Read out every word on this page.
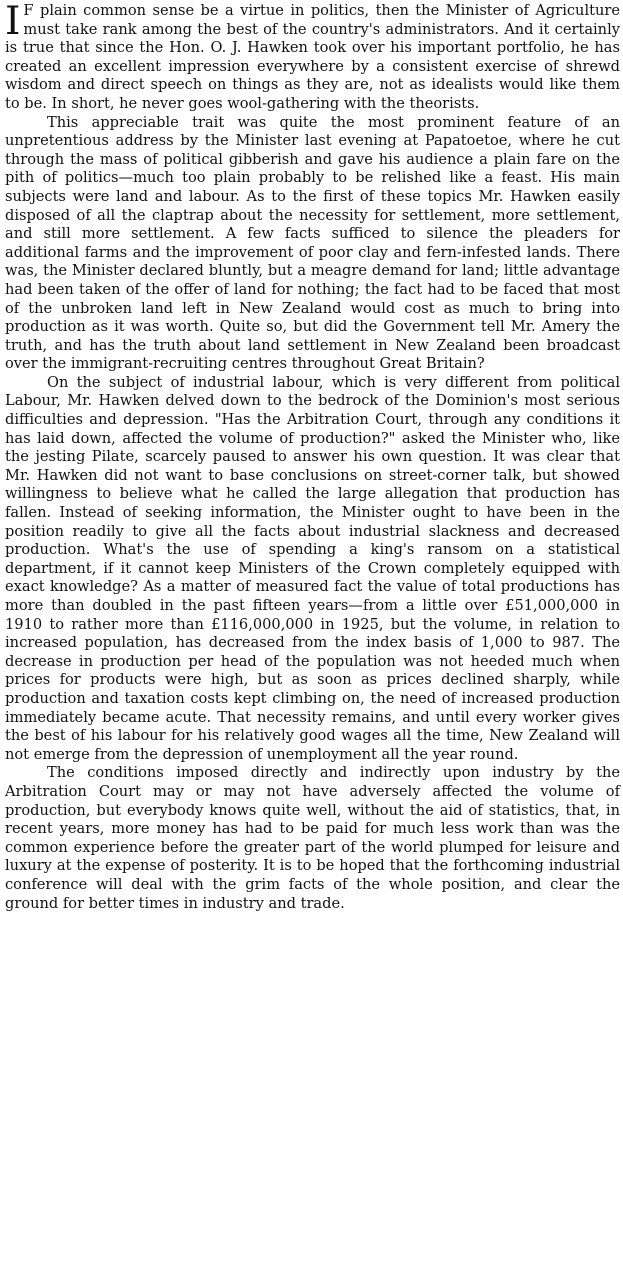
I F plain common sense be a virtue in politics, then the Minister of Agriculture must take rank among the best of the country's administrators. And it certainly is true that since the Hon. O. J. Hawken took over his important portfolio, he has created an excellent impression everywhere by a consistent exercise of shrewd wisdom and direct speech on things as they are, not as idealists would like them to be. In short, he never goes wool-gathering with the theorists.

This appreciable trait was quite the most prominent feature of an unpretentious address by the Minister last evening at Papatoetoe, where he cut through the mass of political gibberish and gave his audience a plain fare on the pith of politics—much too plain probably to be relished like a feast. His main subjects were land and labour. As to the first of these topics Mr. Hawken easily disposed of all the claptrap about the necessity for settlement, more settlement, and still more settlement. A few facts sufficed to silence the pleaders for additional farms and the improvement of poor clay and fern-infested lands. There was, the Minister declared bluntly, but a meagre demand for land; little advantage had been taken of the offer of land for nothing; the fact had to be faced that most of the unbroken land left in New Zealand would cost as much to bring into production as it was worth. Quite so, but did the Government tell Mr. Amery the truth, and has the truth about land settlement in New Zealand been broadcast over the immigrant-recruiting centres throughout Great Britain?

On the subject of industrial labour, which is very different from political Labour, Mr. Hawken delved down to the bedrock of the Dominion's most serious difficulties and depression. "Has the Arbitration Court, through any conditions it has laid down, affected the volume of production?" asked the Minister who, like the jesting Pilate, scarcely paused to answer his own question. It was clear that Mr. Hawken did not want to base conclusions on street-corner talk, but showed willingness to believe what he called the large allegation that production has fallen. Instead of seeking information, the Minister ought to have been in the position readily to give all the facts about industrial slackness and decreased production. What's the use of spending a king's ransom on a statistical department, if it cannot keep Ministers of the Crown completely equipped with exact knowledge? As a matter of measured fact the value of total productions has more than doubled in the past fifteen years—from a little over £51,000,000 in 1910 to rather more than £116,000,000 in 1925, but the volume, in relation to increased population, has decreased from the index basis of 1,000 to 987. The decrease in production per head of the population was not heeded much when prices for products were high, but as soon as prices declined sharply, while production and taxation costs kept climbing on, the need of increased production immediately became acute. That necessity remains, and until every worker gives the best of his labour for his relatively good wages all the time, New Zealand will not emerge from the depression of unemployment all the year round.

The conditions imposed directly and indirectly upon industry by the Arbitration Court may or may not have adversely affected the volume of production, but everybody knows quite well, without the aid of statistics, that, in recent years, more money has had to be paid for much less work than was the common experience before the greater part of the world plumped for leisure and luxury at the expense of posterity. It is to be hoped that the forthcoming industrial conference will deal with the grim facts of the whole position, and clear the ground for better times in industry and trade.
